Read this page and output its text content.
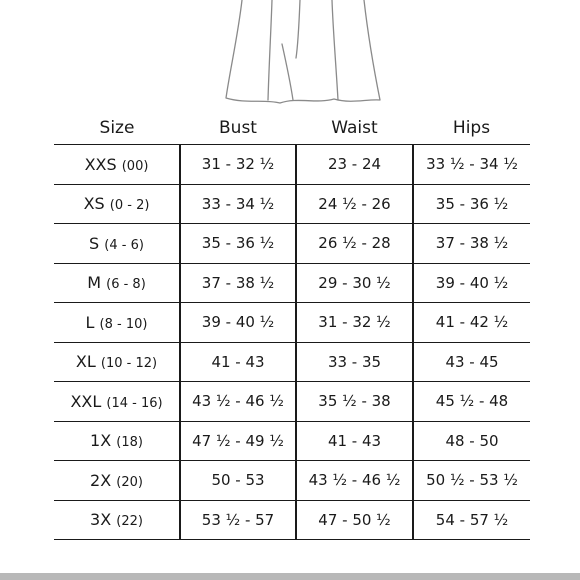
Size	Bust	Waist	Hips
XXS (00)	31 - 32 ½	23 - 24	33 ½ - 34 ½
XS (0 - 2)	33 - 34 ½	24 ½ - 26	35 - 36 ½
S (4 - 6)	35 - 36 ½	26 ½ - 28	37 - 38 ½
M (6 - 8)	37 - 38 ½	29 - 30 ½	39 - 40 ½
L (8 - 10)	39 - 40 ½	31 - 32 ½	41 - 42 ½
XL (10 - 12)	41 - 43	33 - 35	43 - 45
XXL (14 - 16)	43 ½ - 46 ½	35 ½ - 38	45 ½ - 48
1X (18)	47 ½ - 49 ½	41 - 43	48 - 50
2X (20)	50 - 53	43 ½ - 46 ½	50 ½ - 53 ½
3X (22)	53 ½ - 57	47 - 50 ½	54 - 57 ½
